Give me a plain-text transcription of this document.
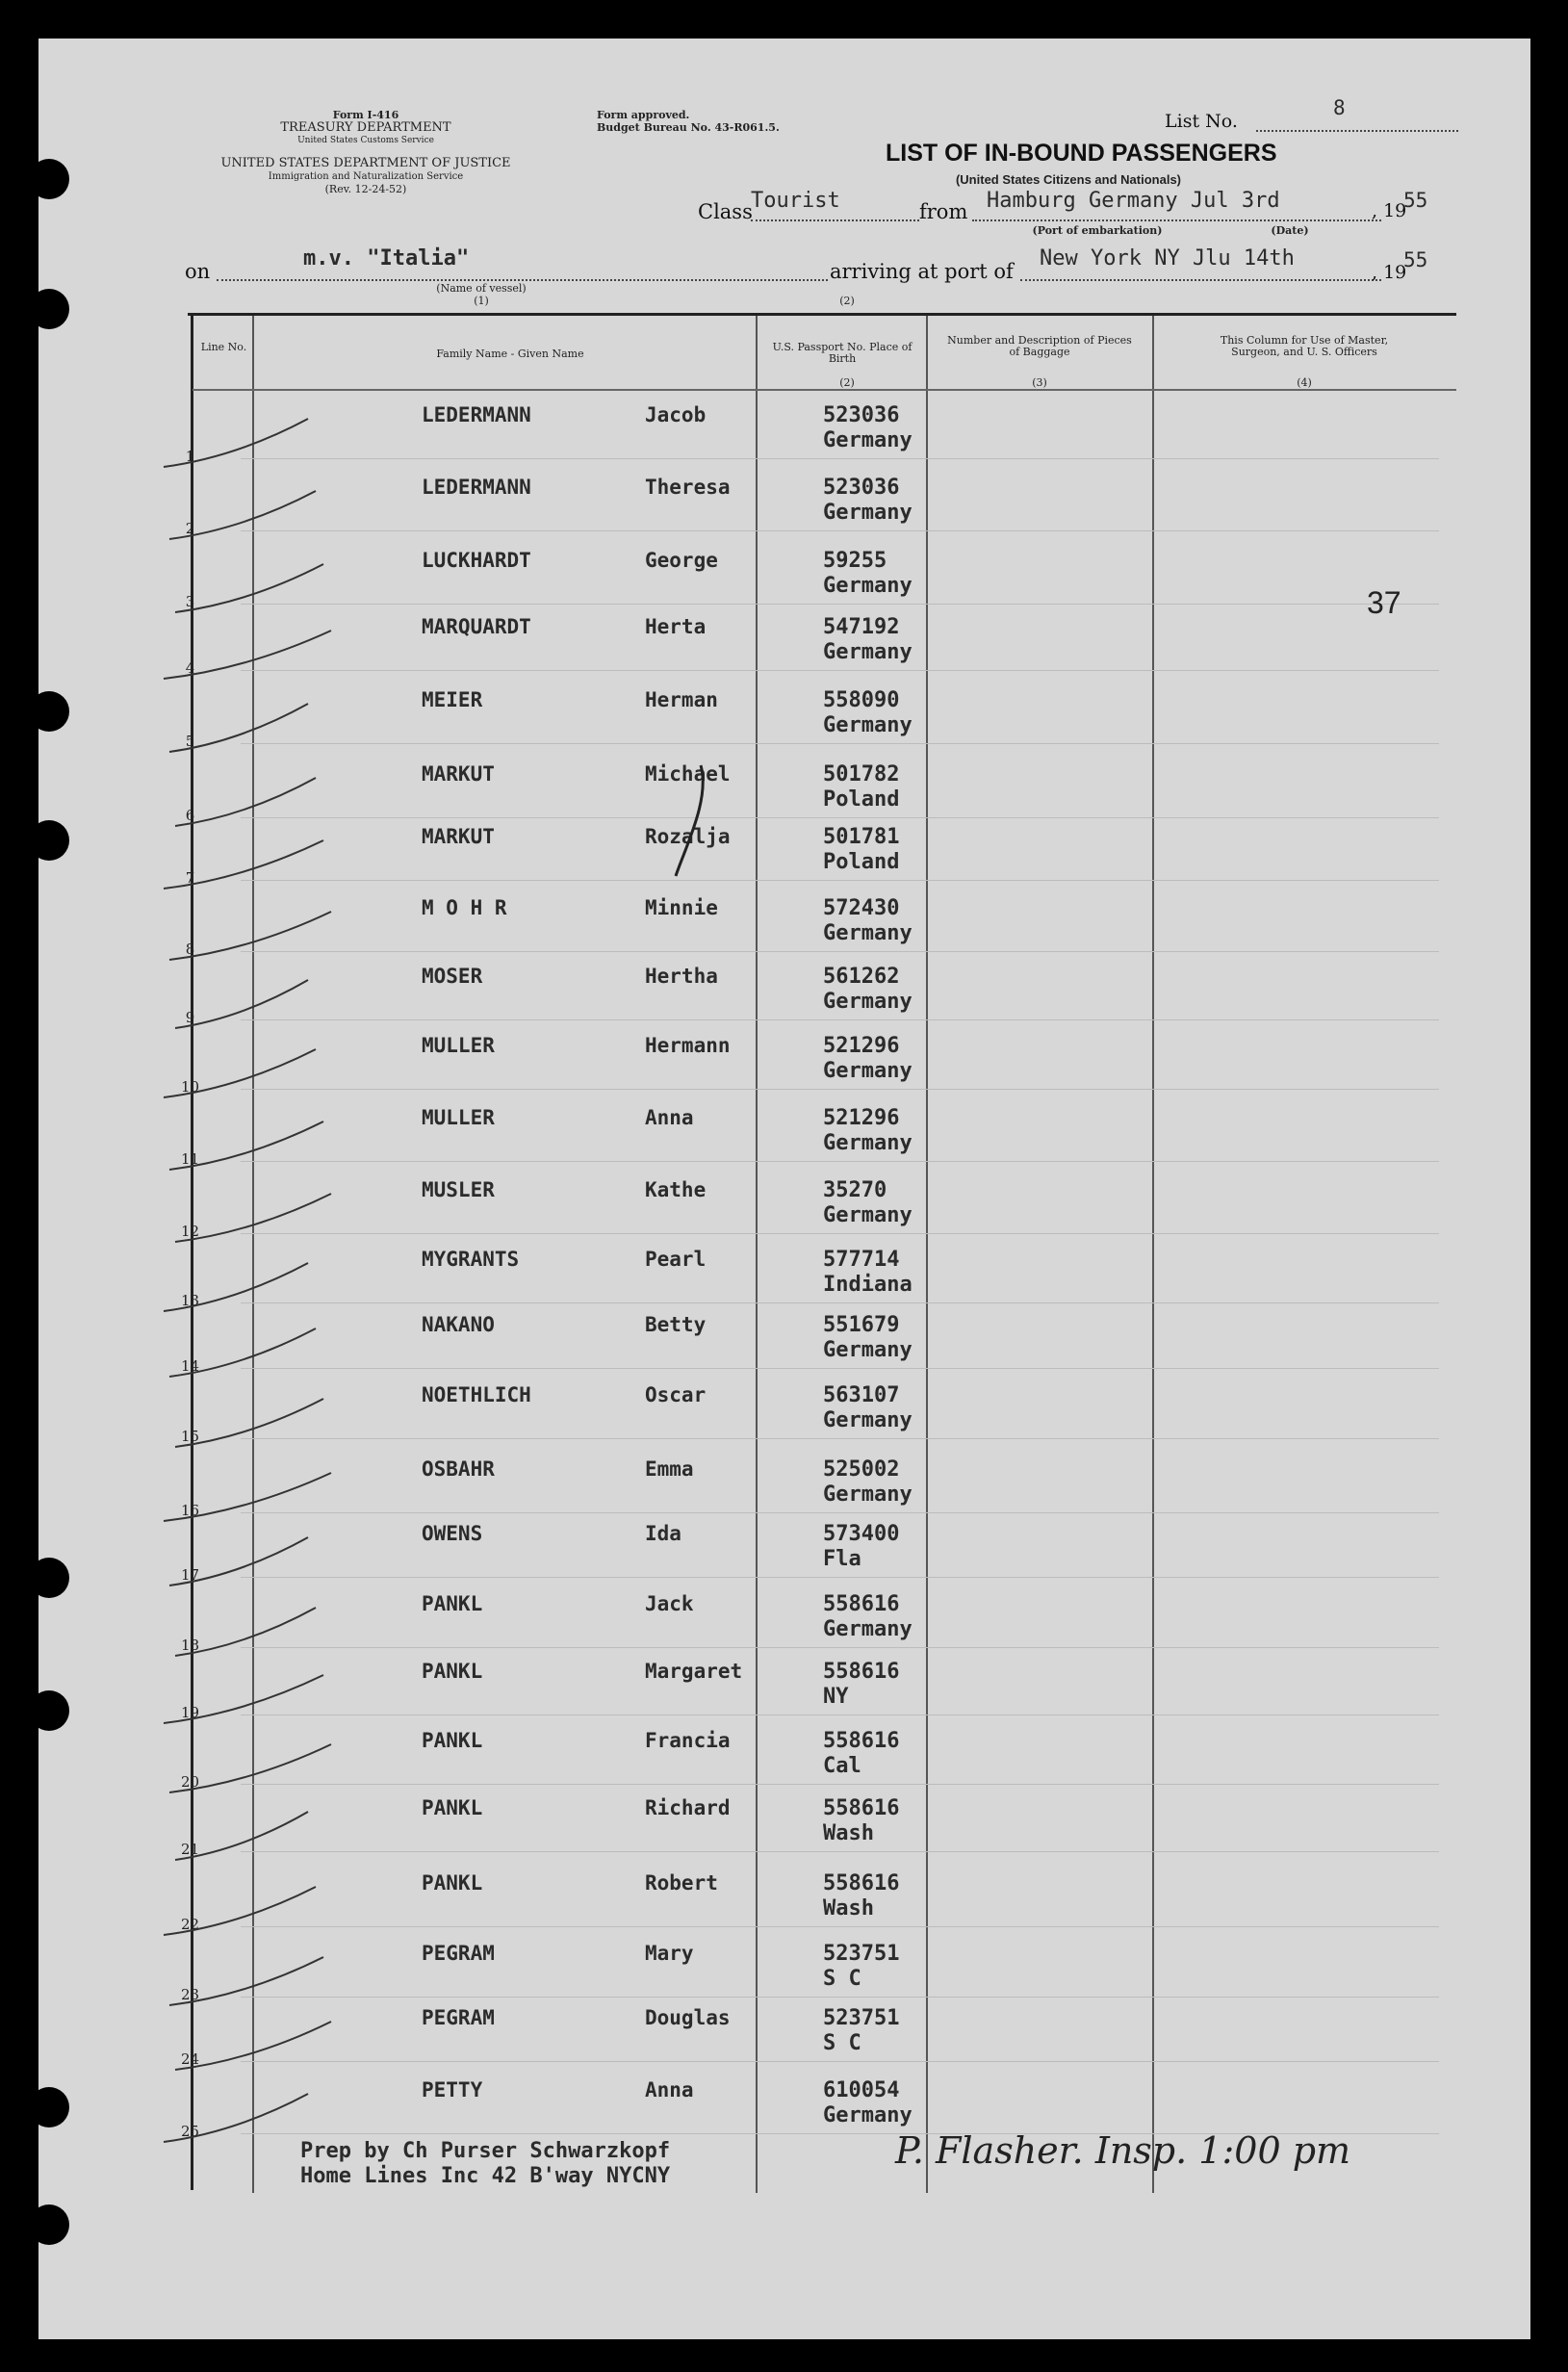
Form I-416
TREASURY DEPARTMENT
United States Customs Service
UNITED STATES DEPARTMENT OF JUSTICE
Immigration and Naturalization Service
(Rev. 12-24-52)
Form approved.
Budget Bureau No. 43-R061.5.	List No.
8
LIST OF IN-BOUND PASSENGERS
(United States Citizens and Nationals)
Class
Tourist	from Hamburg Germany Jul 3rd	, 19
55
(Port of embarkation)	(Date)
on
m.v. "Italia"
(Name of vessel)
(1)
arriving at port of
(2)
New York NY Jlu 14th
, 19
55
Line No.
Family Name - Given Name
U.S. Passport No. Place of Birth
Number and Description of Pieces of Baggage
This Column for Use of Master, Surgeon, and U. S. Officers
(2)	(3)	(4)
1
LEDERMANN	Jacob	523036
Germany
2
LEDERMANN	Theresa	523036
Germany
3
LUCKHARDT	George	59255
Germany
4
MARQUARDT	Herta	547192
Germany
5
MEIER	Herman	558090
Germany
6
MARKUT	Michael	501782
Poland
7
MARKUT	Rozalja	501781
Poland
8
M O H R	Minnie	572430
Germany
9
MOSER	Hertha	561262
Germany
10
MULLER	Hermann	521296
Germany
11
MULLER	Anna	521296
Germany
12
MUSLER	Kathe	35270
Germany
13
MYGRANTS	Pearl	577714
Indiana
14
NAKANO	Betty	551679
Germany
15
NOETHLICH	Oscar	563107
Germany
16
OSBAHR	Emma	525002
Germany
17
OWENS	Ida	573400
Fla
18
PANKL	Jack	558616
Germany
19
PANKL	Margaret	558616
NY
20
PANKL	Francia	558616
Cal
21
PANKL	Richard	558616
Wash
22
PANKL	Robert	558616
Wash
23
PEGRAM	Mary	523751
S C
24
PEGRAM	Douglas	523751
S C
25
PETTY	Anna	610054
Germany
37
Prep by Ch Purser Schwarzkopf
Home Lines Inc 42 B'way NYCNY
P. Flasher. Insp. 1:00 pm
